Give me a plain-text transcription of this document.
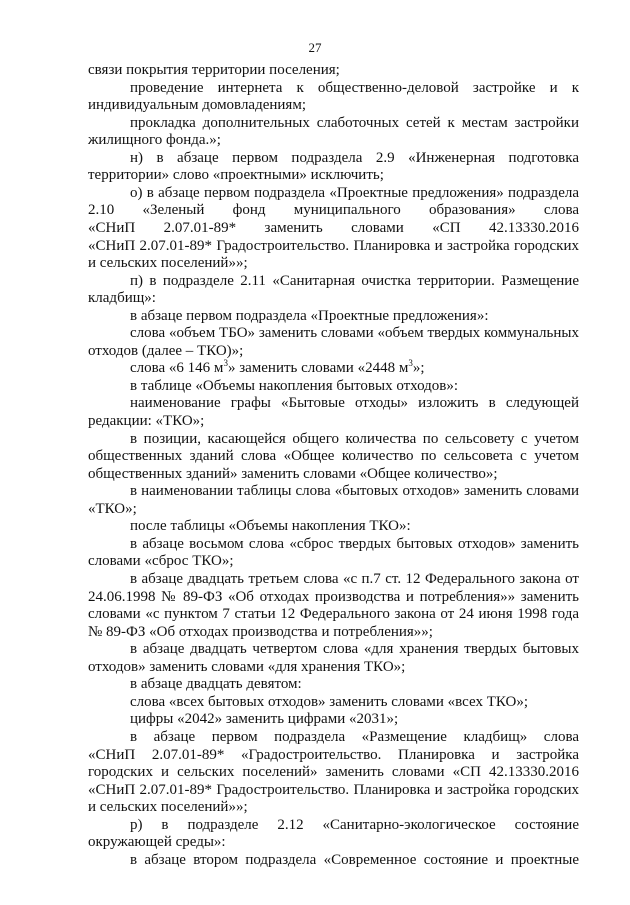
27
связи покрытия территории поселения;
проведение интернета к общественно-деловой застройке и к
индивидуальным домовладениям;
прокладка дополнительных слаботочных сетей к местам застройки
жилищного фонда.»;
н) в абзаце первом подраздела 2.9 «Инженерная подготовка
территории» слово «проектными» исключить;
о) в абзаце первом подраздела «Проектные предложения» подраздела
2.10 «Зеленый фонд муниципального образования» слова
«СНиП 2.07.01-89* заменить словами «СП 42.13330.2016
«СНиП 2.07.01-89* Градостроительство. Планировка и застройка городских
и сельских поселений»»;
п) в подразделе 2.11 «Санитарная очистка территории. Размещение
кладбищ»:
в абзаце первом подраздела «Проектные предложения»:
слова «объем ТБО» заменить словами «объем твердых коммунальных
отходов (далее – ТКО)»;
слова «6 146 $м^3$» заменить словами «2448 $м^3$»;
в таблице «Объемы накопления бытовых отходов»:
наименование графы «Бытовые отходы» изложить в следующей
редакции: «ТКО»;
в позиции, касающейся общего количества по сельсовету с учетом
общественных зданий слова «Общее количество по сельсовета с учетом
общественных зданий» заменить словами «Общее количество»;
в наименовании таблицы слова «бытовых отходов» заменить словами
«ТКО»;
после таблицы «Объемы накопления ТКО»:
в абзаце восьмом слова «сброс твердых бытовых отходов» заменить
словами «сброс ТКО»;
в абзаце двадцать третьем слова «с п.7 ст. 12 Федерального закона от
24.06.1998 № 89-ФЗ «Об отходах производства и потребления»» заменить
словами «с пунктом 7 статьи 12 Федерального закона от 24 июня 1998 года
№ 89-ФЗ «Об отходах производства и потребления»»;
в абзаце двадцать четвертом слова «для хранения твердых бытовых
отходов» заменить словами «для хранения ТКО»;
в абзаце двадцать девятом:
слова «всех бытовых отходов» заменить словами «всех ТКО»;
цифры «2042» заменить цифрами «2031»;
в абзаце первом подраздела «Размещение кладбищ» слова
«СНиП 2.07.01-89* «Градостроительство. Планировка и застройка
городских и сельских поселений» заменить словами «СП 42.13330.2016
«СНиП 2.07.01-89* Градостроительство. Планировка и застройка городских
и сельских поселений»»;
р) в подразделе 2.12 «Санитарно-экологическое состояние
окружающей среды»:
в абзаце втором подраздела «Современное состояние и проектные
